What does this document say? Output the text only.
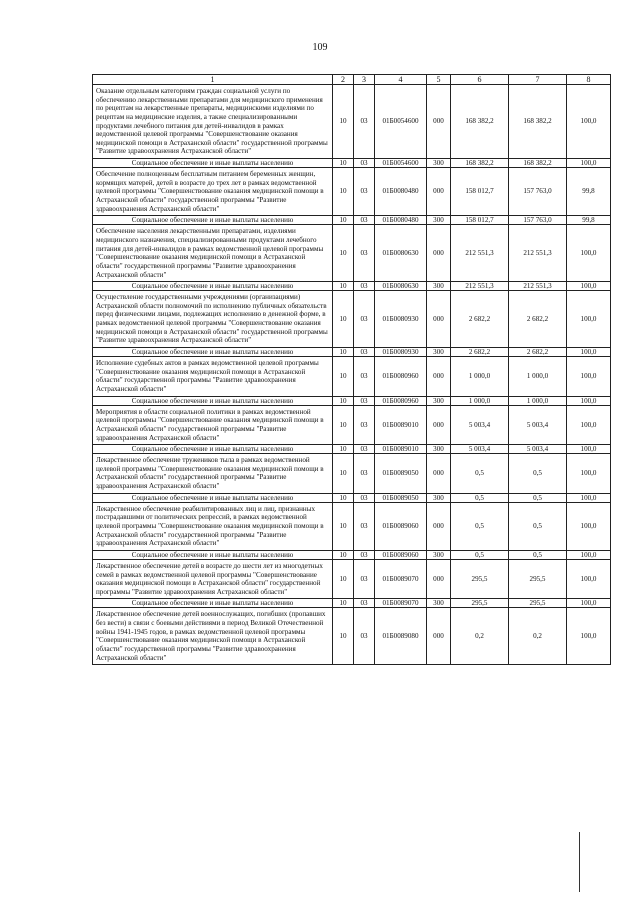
109
1	2	3	4	5	6	7	8
Оказание отдельным категориям граждан социальной услуги по обеспечению лекарственными препаратами для медицинского применения по рецептам на лекарственные препараты, медицинскими изделиями по рецептам на медицинские изделия, а также специализированными продуктами лечебного питания для детей-инвалидов в рамках ведомственной целевой программы "Совершенствование оказания медицинской помощи в Астраханской области" государственной программы "Развитие здравоохранения Астраханской области"	10	03	01Б0054600	000	168 382,2	168 382,2	100,0
Социальное обеспечение и иные выплаты населению	10	03	01Б0054600	300	168 382,2	168 382,2	100,0
Обеспечение полноценным бесплатным питанием беременных женщин, кормящих матерей, детей в возрасте до трех лет в рамках ведомственной целевой программы "Совершенствование оказания медицинской помощи в Астраханской области" государственной программы "Развитие здравоохранения Астраханской области"	10	03	01Б0080480	000	158 012,7	157 763,0	99,8
Социальное обеспечение и иные выплаты населению	10	03	01Б0080480	300	158 012,7	157 763,0	99,8
Обеспечение населения лекарственными препаратами, изделиями медицинского назначения, специализированными продуктами лечебного питания для детей-инвалидов в рамках ведомственной целевой программы "Совершенствование оказания медицинской помощи в Астраханской области" государственной программы "Развитие здравоохранения Астраханской области"	10	03	01Б0080630	000	212 551,3	212 551,3	100,0
Социальное обеспечение и иные выплаты населению	10	03	01Б0080630	300	212 551,3	212 551,3	100,0
Осуществление государственными учреждениями (организациями) Астраханской области полномочий по исполнению публичных обязательств перед физическими лицами, подлежащих исполнению в денежной форме, в рамках ведомственной целевой программы "Совершенствование оказания медицинской помощи в Астраханской области" государственной программы "Развитие здравоохранения Астраханской области"	10	03	01Б0080930	000	2 682,2	2 682,2	100,0
Социальное обеспечение и иные выплаты населению	10	03	01Б0080930	300	2 682,2	2 682,2	100,0
Исполнение судебных актов в рамках ведомственной целевой программы "Совершенствование оказания медицинской помощи в Астраханской области" государственной программы "Развитие здравоохранения Астраханской области"	10	03	01Б0080960	000	1 000,0	1 000,0	100,0
Социальное обеспечение и иные выплаты населению	10	03	01Б0080960	300	1 000,0	1 000,0	100,0
Мероприятия в области социальной политики в рамках ведомственной целевой программы "Совершенствование оказания медицинской помощи в Астраханской области" государственной программы "Развитие здравоохранения Астраханской области"	10	03	01Б0089010	000	5 003,4	5 003,4	100,0
Социальное обеспечение и иные выплаты населению	10	03	01Б0089010	300	5 003,4	5 003,4	100,0
Лекарственное обеспечение тружеников тыла в рамках ведомственной целевой программы "Совершенствование оказания медицинской помощи в Астраханской области" государственной программы "Развитие здравоохранения Астраханской области"	10	03	01Б0089050	000	0,5	0,5	100,0
Социальное обеспечение и иные выплаты населению	10	03	01Б0089050	300	0,5	0,5	100,0
Лекарственное обеспечение реабилитированных лиц и лиц, признанных пострадавшими от политических репрессий, в рамках ведомственной целевой программы "Совершенствование оказания медицинской помощи в Астраханской области" государственной программы "Развитие здравоохранения Астраханской области"	10	03	01Б0089060	000	0,5	0,5	100,0
Социальное обеспечение и иные выплаты населению	10	03	01Б0089060	300	0,5	0,5	100,0
Лекарственное обеспечение детей в возрасте до шести лет из многодетных семей в рамках ведомственной целевой программы "Совершенствование оказания медицинской помощи в Астраханской области" государственной программы "Развитие здравоохранения Астраханской области"	10	03	01Б0089070	000	295,5	295,5	100,0
Социальное обеспечение и иные выплаты населению	10	03	01Б0089070	300	295,5	295,5	100,0
Лекарственное обеспечение детей военнослужащих, погибших (пропавших без вести) в связи с боевыми действиями в период Великой Отечественной войны 1941-1945 годов, в рамках ведомственной целевой программы "Совершенствование оказания медицинской помощи в Астраханской области" государственной программы "Развитие здравоохранения Астраханской области"	10	03	01Б0089080	000	0,2	0,2	100,0
